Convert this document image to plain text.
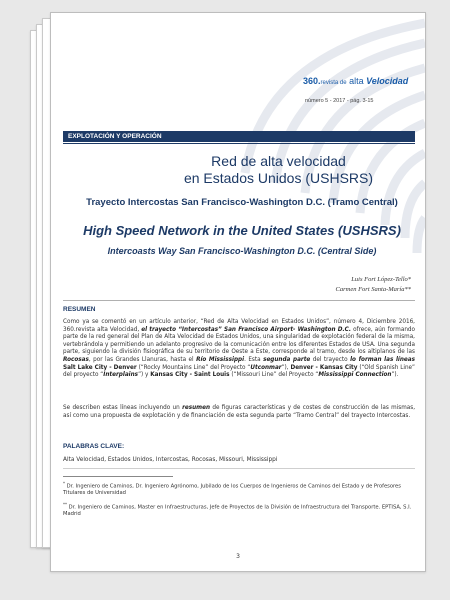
360.revista de alta Velocidad
número 5 - 2017 - pág. 3-15
EXPLOTACIÓN Y OPERACIÓN
Red de alta velocidad
en Estados Unidos (USHSRS)
Trayecto Intercostas San Francisco-Washington D.C. (Tramo Central)
High Speed Network in the United States (USHSRS)
Intercoasts Way San Francisco-Washington D.C. (Central Side)
Luis Fort López-Tello*
Carmen Fort Santa-María**
RESUMEN
Como ya se comentó en un artículo anterior, “Red de Alta Velocidad en Estados Unidos”, número 4, Diciembre 2016, 360.revista alta Velocidad, el trayecto “Intercostas” San Francisco Airport- Washington D.C. ofrece, aún formando parte de la red general del Plan de Alta Velocidad de Estados Unidos, una singularidad de explotación federal de la misma, vertebrándola y permitiendo un adelanto progresivo de la comunicación entre los diferentes Estados de USA. Una segunda parte, siguiendo la división fisiográfica de su territorio de Oeste a Este, corresponde al tramo, desde los altiplanos de las Rocosas, por las Grandes Llanuras, hasta el Río Mississippi. Esta segunda parte del trayecto lo forman las líneas Salt Lake City - Denver (“Rocky Mountains Line” del Proyecto “Utconmar”), Denver - Kansas City (“Old Spanish Line” del proyecto “Interplains”) y Kansas City - Saint Louis (“Missouri Line” del Proyecto “Mississippi Connection”).
Se describen estas líneas incluyendo un resumen de figuras características y de costes de construcción de las mismas, así como una propuesta de explotación y de financiación de esta segunda parte “Tramo Central” del trayecto Intercostas.
PALABRAS CLAVE:
Alta Velocidad, Estados Unidos, Intercostas, Rocosas, Missouri, Mississippi
* Dr. Ingeniero de Caminos, Dr. Ingeniero Agrónomo, Jubilado de los Cuerpos de Ingenieros de Caminos del Estado y de Profesores Titulares de Universidad
** Dr. Ingeniero de Caminos, Master en Infraestructuras, Jefe de Proyectos de la División de Infraestructura del Transporte. EPTISA, S.I. Madrid
3
